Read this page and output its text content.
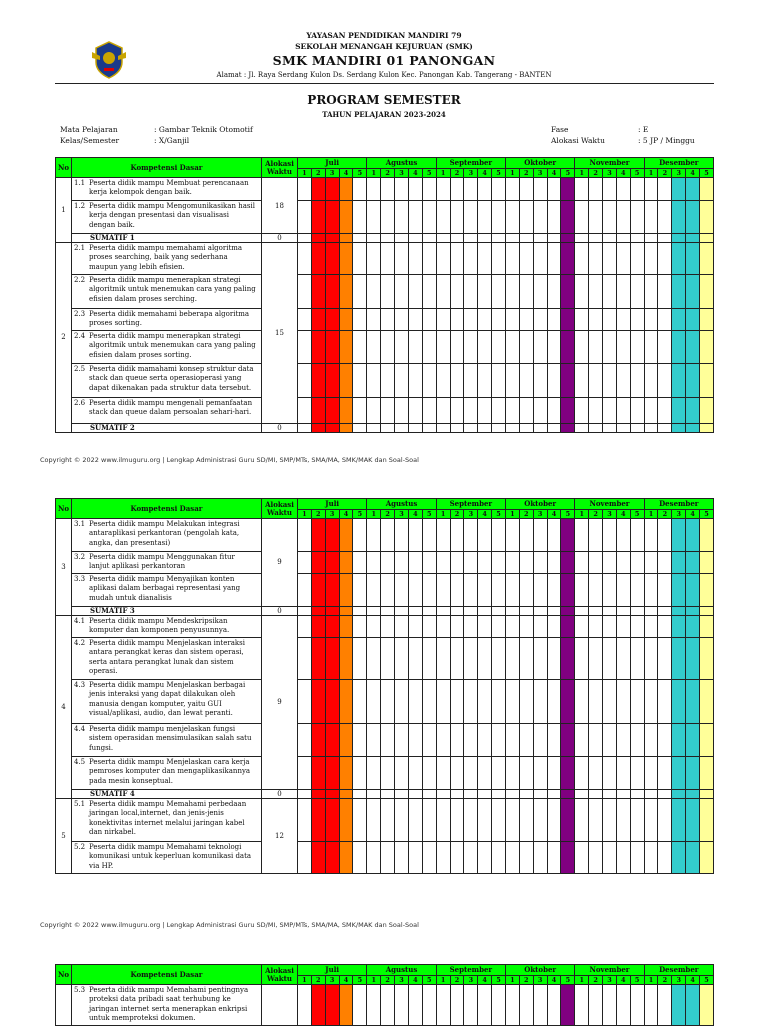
YAYASAN PENDIDIKAN MANDIRI 79
SEKOLAH MENANGAH KEJURUAN (SMK)
SMK MANDIRI 01 PANONGAN
Alamat : Jl. Raya Serdang Kulon Ds. Serdang Kulon Kec. Panongan Kab. Tangerang - BANTEN
PROGRAM SEMESTER
TAHUN PELAJARAN 2023-2024
Mata Pelajaran	: Gambar Teknik Otomotif
Kelas/Semester	: X/Ganjil
Fase	: E
Alokasi Waktu	: 5 JP / Minggu
No	Kompetensi Dasar	Alokasi Waktu	Juli					Agustus					September					Oktober					November					Desember				
			1	2	3	4	5	1	2	3	4	5	1	2	3	4	5	1	2	3	4	5	1	2	3	4	5	1	2	3	4	5
1	1.1 Peserta didik mampu Membuat perencanaan kerja kelompok dengan baik.	18																														
	1.2 Peserta didik mampu Mengomunikasikan hasil kerja dengan presentasi dan visualisasi dengan baik.																															
	SUMATIF 1	0																														
2	2.1 Peserta didik mampu memahami algoritma proses searching, baik yang sederhana maupun yang lebih efisien.	15																														
	2.2 Peserta didik mampu menerapkan strategi algoritmik untuk menemukan cara yang paling efisien dalam proses serching.																															
	2.3 Peserta didik memahami beberapa algoritma proses sorting.																															
	2.4 Peserta didik mampu menerapkan strategi algoritmik untuk menemukan cara yang paling efisien dalam proses sorting.																															
	2.5 Peserta didik mamahami konsep struktur data stack dan queue serta operasioperasi yang dapat dikenakan pada struktur data tersebut.																															
	2.6 Peserta didik mampu mengenali pemanfaatan stack dan queue dalam persoalan sehari-hari.																															
	SUMATIF 2	0																														
Copyright © 2022 www.ilmuguru.org | Lengkap Administrasi Guru SD/MI, SMP/MTs, SMA/MA, SMK/MAK dan Soal-Soal
No	Kompetensi Dasar	Alokasi Waktu	Juli					Agustus					September					Oktober					November					Desember				
			1	2	3	4	5	1	2	3	4	5	1	2	3	4	5	1	2	3	4	5	1	2	3	4	5	1	2	3	4	5
3	3.1 Peserta didik mampu Melakukan integrasi antaraplikasi perkantoran (pengolah kata, angka, dan presentasi)	9																														
	3.2 Peserta didik mampu Menggunakan fitur lanjut aplikasi perkantoran																															
	3.3 Peserta didik mampu Menyajikan konten aplikasi dalam berbagai representasi yang mudah untuk dianalisis																															
	SUMATIF 3	0																														
4	4.1 Peserta didik mampu Mendeskripsikan komputer dan komponen penyusunnya.	9																														
	4.2 Peserta didik mampu Menjelaskan interaksi antara perangkat keras dan sistem operasi, serta antara perangkat lunak dan sistem operasi.																															
	4.3 Peserta didik mampu Menjelaskan berbagai jenis interaksi yang dapat dilakukan oleh manusia dengan komputer, yaitu GUI visual/aplikasi, audio, dan lewat peranti.																															
	4.4 Peserta didik mampu menjelaskan fungsi sistem operasidan mensimulasikan salah satu fungsi.																															
	4.5 Peserta didik mampu Menjelaskan cara kerja pemroses komputer dan mengaplikasikannya pada mesin konseptual.																															
	SUMATIF 4	0																														
5	5.1 Peserta didik mampu Memahami perbedaan jaringan local,internet, dan jenis-jenis konektivitas internet melalui jaringan kabel dan nirkabel.	12																														
	5.2 Peserta didik mampu Memahami teknologi komunikasi untuk keperluan komunikasi data via HP.																															
Copyright © 2022 www.ilmuguru.org | Lengkap Administrasi Guru SD/MI, SMP/MTs, SMA/MA, SMK/MAK dan Soal-Soal
No	Kompetensi Dasar	Alokasi Waktu	Juli					Agustus					September					Oktober					November					Desember				
			1	2	3	4	5	1	2	3	4	5	1	2	3	4	5	1	2	3	4	5	1	2	3	4	5	1	2	3	4	5
	5.3 Peserta didik mampu Memahami pentingnya proteksi data pribadi saat terhubung ke jaringan internet serta menerapkan enkripsi untuk memproteksi dokumen.																															
